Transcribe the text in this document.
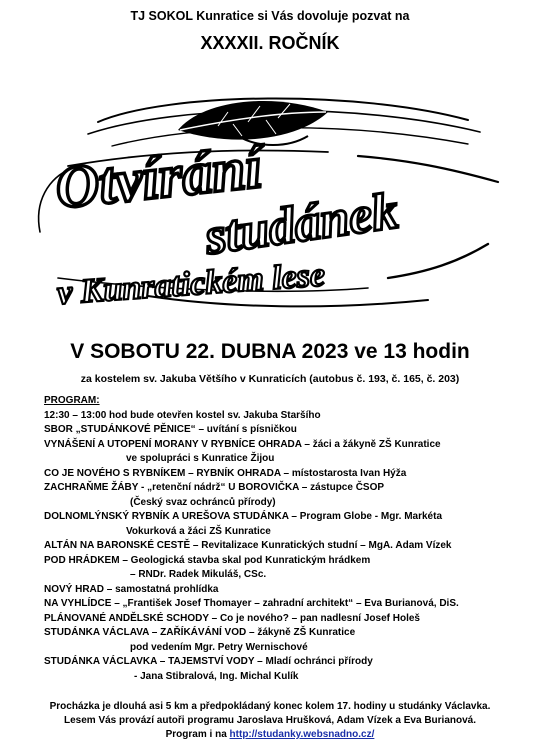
TJ SOKOL Kunratice si Vás dovoluje pozvat na
XXXXII. ROČNÍK
Otvírání
studánek
v Kunratickém lese
V SOBOTU 22. DUBNA 2023 ve 13 hodin
za kostelem sv. Jakuba Většího v Kunraticích (autobus č. 193, č. 165, č. 203)
PROGRAM:
12:30 – 13:00 hod bude otevřen kostel sv. Jakuba Staršího
SBOR „STUDÁNKOVÉ PĚNICE“ – uvítání s písničkou
VYNÁŠENÍ A UTOPENÍ MORANY V RYBNÍCE OHRADA – žáci a žákyně ZŠ Kunratice
ve spolupráci s Kunratice Žijou
CO JE NOVÉHO S RYBNÍKEM – RYBNÍK OHRADA – místostarosta Ivan Hýža
ZACHRAŇME ŽÁBY - „retenční nádrž“ U BOROVIČKA – zástupce ČSOP
(Český svaz ochránců přírody)
DOLNOMLÝNSKÝ RYBNÍK A UREŠOVA STUDÁNKA – Program Globe - Mgr. Markéta
Vokurková a žáci ZŠ Kunratice
ALTÁN NA BARONSKÉ CESTĚ – Revitalizace Kunratických studní – MgA. Adam Vízek
POD HRÁDKEM – Geologická stavba skal pod Kunratickým hrádkem
– RNDr. Radek Mikuláš, CSc.
NOVÝ HRAD – samostatná prohlídka
NA VYHLÍDCE – „František Josef Thomayer – zahradní architekt“ – Eva Burianová, DiS.
PLÁNOVANÉ ANDĚLSKÉ SCHODY – Co je nového? – pan nadlesní Josef Holeš
STUDÁNKA VÁCLAVA – ZAŘÍKÁVÁNÍ VOD – žákyně ZŠ Kunratice
pod vedením Mgr. Petry Wernischové
STUDÁNKA VÁCLAVKA – TAJEMSTVÍ VODY – Mladí ochránci přírody
- Jana Stibralová, Ing. Michal Kulík
Procházka je dlouhá asi 5 km a předpokládaný konec kolem 17. hodiny u studánky Václavka.
Lesem Vás provází autoři programu Jaroslava Hrušková, Adam Vízek a Eva Burianová.
Program i na http://studanky.websnadno.cz/
